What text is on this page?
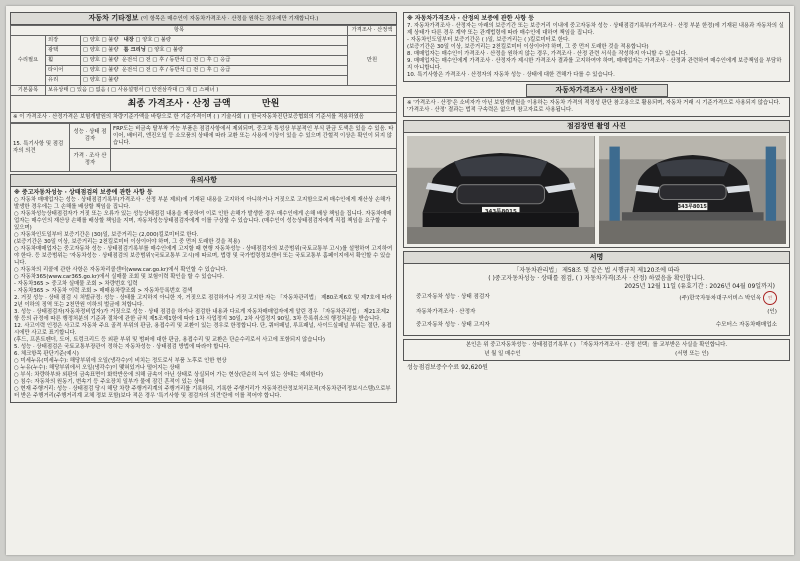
자동차 기타정보 (이 항목은 매수인이 자동차가격조사 · 산정을 원하는 경우에만 기재합니다.)
항목			가격조사 · 산정액
수리필요	외장	□ 양호 □ 불량 내장 □ 양호 □ 불량	만원
	광택	□ 양호 □ 불량 룸 크리닝 □ 양호 □ 불량	
	휠	□ 양호 □ 불량 운전석 □ 전 □ 후 / 동반석 □ 전 □ 후 □ 응급	
	타이어	□ 양호 □ 불량 운전석 □ 전 □ 후 / 동반석 □ 전 □ 후 □ 응급	
	유리	□ 양호 □ 불량	
기본품목	보유상태 □ 있음 □ 없음 ( □ 사용설명서 □ 안전삼각대 □ 재 □ 스패너 )		
최종 가격조사 · 산정 금액	만원
※ 이 가격조사 · 산정가격은 보험개발원의 차량기준가액을 바탕으로 한 기준가격이며 ( ) 기술사회 ( ) 한국자동차진단보증협회의 기준서를 적용하였음
15. 특기사항 및 점검자의 의견	성능 · 상태 점검자	FRP도는 비금속 탈부착 가능 부품은 점검사항에서 제외되며, 중고차 특성상 부분적인 부식 판금 도색은 있을 수 있음. 타이어, 배터리, 엔진오일 등 소모품의 상태에 따라 교환 또는 사용에 이상이 있을 수 있으며 간헐적 이상은 확인이 되지 않습니다.
	가격 · 조사 산정자	
유의사항
※ 중고자동차성능 · 상태점검의 보증에 관한 사항 등
○ 자동차 매매업자는 성능 · 상태점검기록부(가격조사 · 산정 부분 제외)에 기재된 내용을 고지하지 아니하거나 거짓으로 고지함으로써 매수인에게 재산상 손해가 발생한 경우에는 그 손해를 배상할 책임을 집니다.
○ 자동차성능상태점검자가 거짓 또는 오류가 있는 성능상태점검 내용을 제공하여 이로 인한 손해가 발생한 경우 매수인에게 손해 배상 책임을 집니다. 자동차매매업자는 매수인의 재산상 손해를 배상할 책임을 지며, 자동차성능상태점검자에게 이를 구상할 수 있습니다. (매수인이 성능상태점검자에게 직접 책임을 요구할 수 있으며)
○ 자동차인도일부터 보증기간은 (30)일, 보증거리는 (2,000)킬로미터로 한다.
(보증기간은 30일 이상, 보증거리는 2천킬로미터 이상이어야 하며, 그 중 먼저 도래한 것을 적용)
○ 자동차매매업자는 중고자동차 성능 · 상태점검기록부를 매수인에게 고지할 때 현행 자동차성능 · 상태점검자의 보증범위(국토교통부 고시)를 설명하여 고지하여야 한다. 등 보증범위는 '자동차성능 · 상태점검의 보증범위'(국토교통부 고시)에 따르며, 법령 및 국가법령정보센터 또는 국토교통부 홈페이지에서 확인할 수 있습니다.
○ 자동차의 리콜에 관한 사항은 자동차리콜센터(www.car.go.kr)에서 확인할 수 있습니다.
○ 자동차365(www.car365.go.kr)에서 실매물 조회 및 보험이력 확인을 할 수 있습니다.
- 자동차365 > 중고차 실매물 조회 > 차량번호 입력
- 자동차365 > 자동차 이력 조회 > 매매용차량조회 > 자동차등록번호 검색
2. 거짓 성능 · 상태 점검 시 처벌규정: 성능 · 상태를 고지하지 아니한 자, 거짓으로 점검하거나 거짓 고지한 자는 「자동차관리법」 제80조제6호 및 제7호에 따라 2년 이하의 징역 또는 2천만원 이하의 벌금에 처합니다.
3. 성능 · 상태점검자(자동차정비업자)가 거짓으로 성능 · 상태 점검을 하거나 점검한 내용과 다르게 자동차매매업자에게 알린 경우 「자동차관리법」 제21조제2항 등의 규정에 따른 행정처분의 기준과 절차에 관한 규칙 제5조제1항에 따라 1차 사업정지 30일, 2차 사업정지 90일, 3차 등록취소의 행정처분을 받습니다.
12. 사고이력 인정은 사고로 자동차 주요 골격 부위의 판금, 용접수리 및 교환이 있는 경우로 한정합니다. 단, 쿼터패널, 루프패널, 사이드실패널 부위는 절단, 용접 시에만 사고로 표기합니다.
(후드, 프론트펜더, 도어, 트렁크리드 등 외판 부위 및 범퍼에 대한 판금, 용접수리 및 교환은 단순수리로서 사고에 포함되지 않습니다)
5. 성능 · 상태점검은 국토교통부장관이 정하는 자동차성능 · 상태점검 방법에 따라야 합니다.
6. 체크항목 판단기준(예시)
○ 미세누유(미세누수): 해당부위에 오일(냉각수)이 비치는 정도로서 부품 노후로 인한 현상
○ 누유(누수): 해당부위에서 오일(냉각수)이 맺혀있거나 떨어지는 상태
○ 부식: 차량하부와 외판의 금속표면이 화학반응에 의해 금속이 아닌 상태로 상실되어 가는 현상(단순히 녹이 있는 상태는 제외한다)
○ 침수: 자동차의 원동기, 변속기 등 주요장치 일부가 물에 잠긴 흔적이 있는 상태
○ 현재 주행거리: 성능 · 상태점검 당시 해당 차량 주행거리계의 주행거리를 기록하되, 기록한 주행거리가 자동차전산정보처리조직(자동차관리정보시스템)으로부터 받은 주행거리(주행거리계 교체 정보 포함)보다 적은 경우 '특기사항 및 점검자의 의견'란에 이를 적어야 합니다.
※ 자동차가격조사 · 산정의 보증에 관한 사항 등
7. 자동차가격조사 · 산정자는 아래의 보증기간 또는 보증거리 이내에 중고자동차 성능 · 상태점검기록부(가격조사 · 산정 부분 한정)에 기재된 내용과 자동차의 실제 상태가 다른 경우 계약 또는 관계법령에 따라 매수인에 대하여 책임을 집니다.
- 자동차인도일부터 보증기간은 ( )일, 보증거리는 ( )킬로미터로 한다.
(보증기간은 30일 이상, 보증거리는 2천킬로미터 이상이어야 하며, 그 중 먼저 도래한 것을 적용합니다)
8. 매매업자는 매수인이 가격조사 · 산정을 원하지 않는 경우, 가격조사 · 산정 관련 서식을 작성하지 아니할 수 있습니다.
9. 매매업자는 매수인에게 가격조사 · 산정자가 제시한 가격조사 결과를 고지하여야 하며, 매매업자는 가격조사 · 산정과 관련하여 매수인에게 보증책임을 부담하지 아니합니다.
10. 특기사항은 가격조사 · 산정자의 자동차 성능 · 상태에 대한 견해가 다를 수 있습니다.
자동차가격조사 · 산정이란
※ '가격조사 · 산정'은 소비자가 아닌 보험개발원을 이용하는 자동차 가격의 적정성 판단 참고용으로 활용되며, 자동차 거래 시 기준가격으로 사용되지 않습니다. '가격조사 · 산정' 결과는 법적 구속력은 없으며 참고자료로 사용됩니다.
점검장면 촬영 사진
343루8015
343루8015
서명
「자동차관리법」 제58조 및 같은 법 시행규칙 제120조에 따라
( )중고자동차성능 · 상태를 점검, ( ) 자동차가격(조사 · 산정) 하였음을 확인합니다.
2025년 12월 11일 (유효기간 : 2026년 04월 09일까지)
중고자동차 성능 · 상태 점검자	(주)한국자동차대구서비스 박인옥 인
자동차가격조사 · 산정자	(인)
중고자동차 성능 · 상태 고지자	수모터스 자동차매매업소
본인은 위 중고자동차성능 · 상태점검기록부 ( ) 「자동차가격조사 · 산정 선택」를 교부받은 사실을 확인합니다.
년 월 일 매수인	(서명 또는 인)
성능점검보증수수료 92,620원
